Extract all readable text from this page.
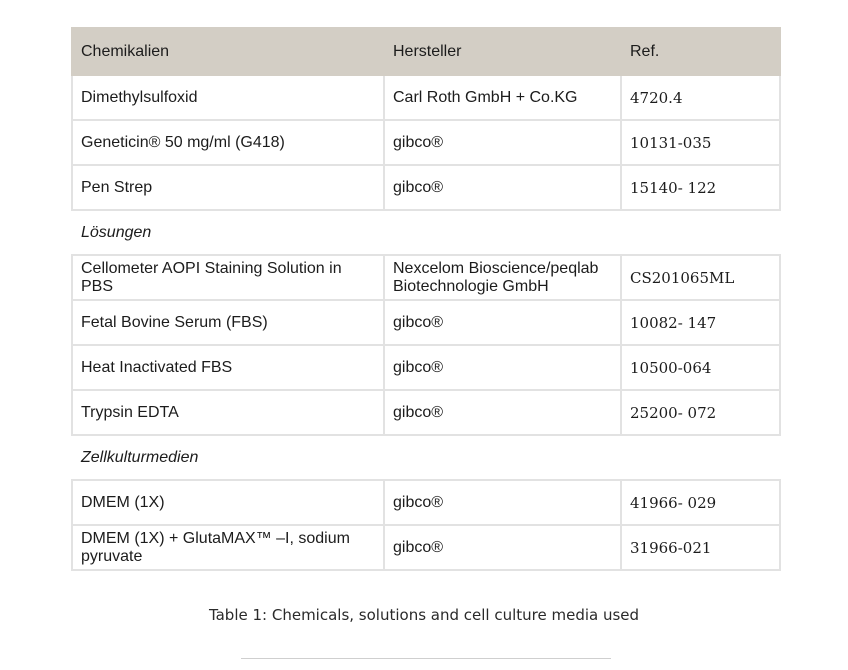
Chemikalien	Hersteller	Ref.
Dimethylsulfoxid	Carl Roth GmbH + Co.KG	4720.4
Geneticin® 50 mg/ml (G418)	gibco®	10131-035
Pen Strep	gibco®	15140- 122
Lösungen		
Cellometer AOPI Staining Solution in PBS	Nexcelom Bioscience/peqlab Biotechnologie GmbH	CS201065ML
Fetal Bovine Serum (FBS)	gibco®	10082- 147
Heat Inactivated FBS	gibco®	10500-064
Trypsin EDTA	gibco®	25200- 072
Zellkulturmedien		
DMEM (1X)	gibco®	41966- 029
DMEM (1X) + GlutaMAX™ –I, sodium pyruvate	gibco®	31966-021
Table 1: Chemicals, solutions and cell culture media used
